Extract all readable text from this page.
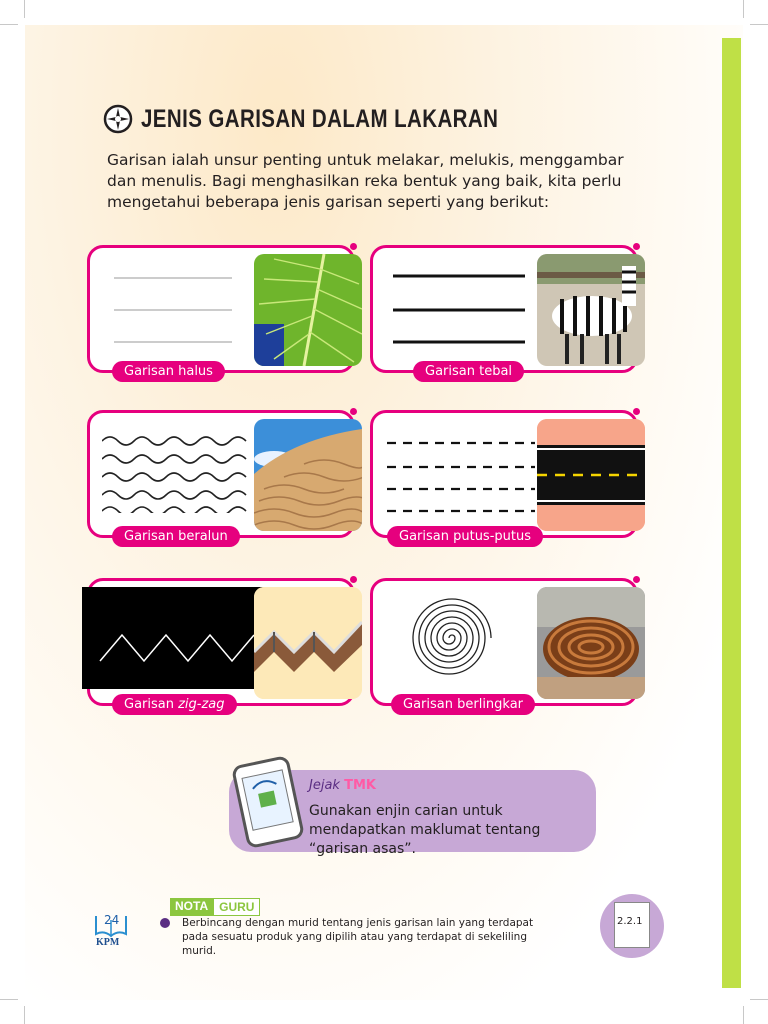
JENIS GARISAN DALAM LAKARAN
Garisan ialah unsur penting untuk melakar, melukis, menggambar dan menulis. Bagi menghasilkan reka bentuk yang baik, kita perlu mengetahui beberapa jenis garisan seperti yang berikut:
Garisan halus	Garisan tebal
Garisan beralun	Garisan putus-putus
Garisan zig-zag	Garisan berlingkar
Jejak TMK
Gunakan enjin carian untuk mendapatkan maklumat tentang “garisan asas”.
NOTA GURU
Berbincang dengan murid tentang jenis garisan lain yang terdapat pada sesuatu produk yang dipilih atau yang terdapat di sekeliling murid.
24
KPM
2.2.1
